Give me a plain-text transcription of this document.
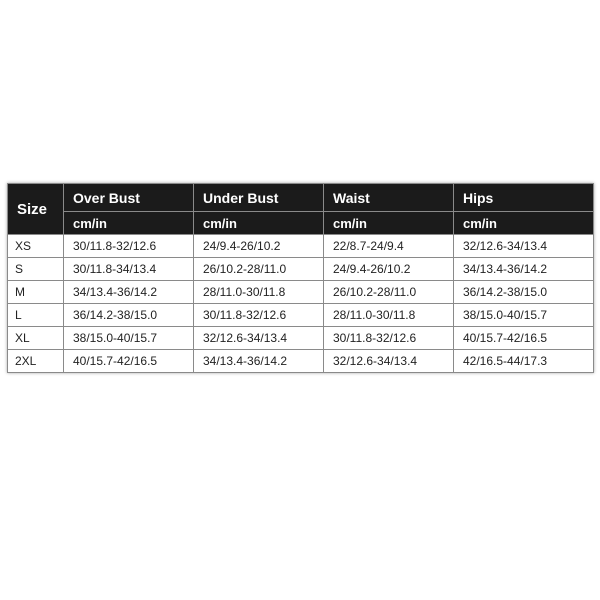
Size	Over Bust	Under Bust	Waist	Hips
	cm/in	cm/in	cm/in	cm/in
XS	30/11.8-32/12.6	24/9.4-26/10.2	22/8.7-24/9.4	32/12.6-34/13.4
S	30/11.8-34/13.4	26/10.2-28/11.0	24/9.4-26/10.2	34/13.4-36/14.2
M	34/13.4-36/14.2	28/11.0-30/11.8	26/10.2-28/11.0	36/14.2-38/15.0
L	36/14.2-38/15.0	30/11.8-32/12.6	28/11.0-30/11.8	38/15.0-40/15.7
XL	38/15.0-40/15.7	32/12.6-34/13.4	30/11.8-32/12.6	40/15.7-42/16.5
2XL	40/15.7-42/16.5	34/13.4-36/14.2	32/12.6-34/13.4	42/16.5-44/17.3
